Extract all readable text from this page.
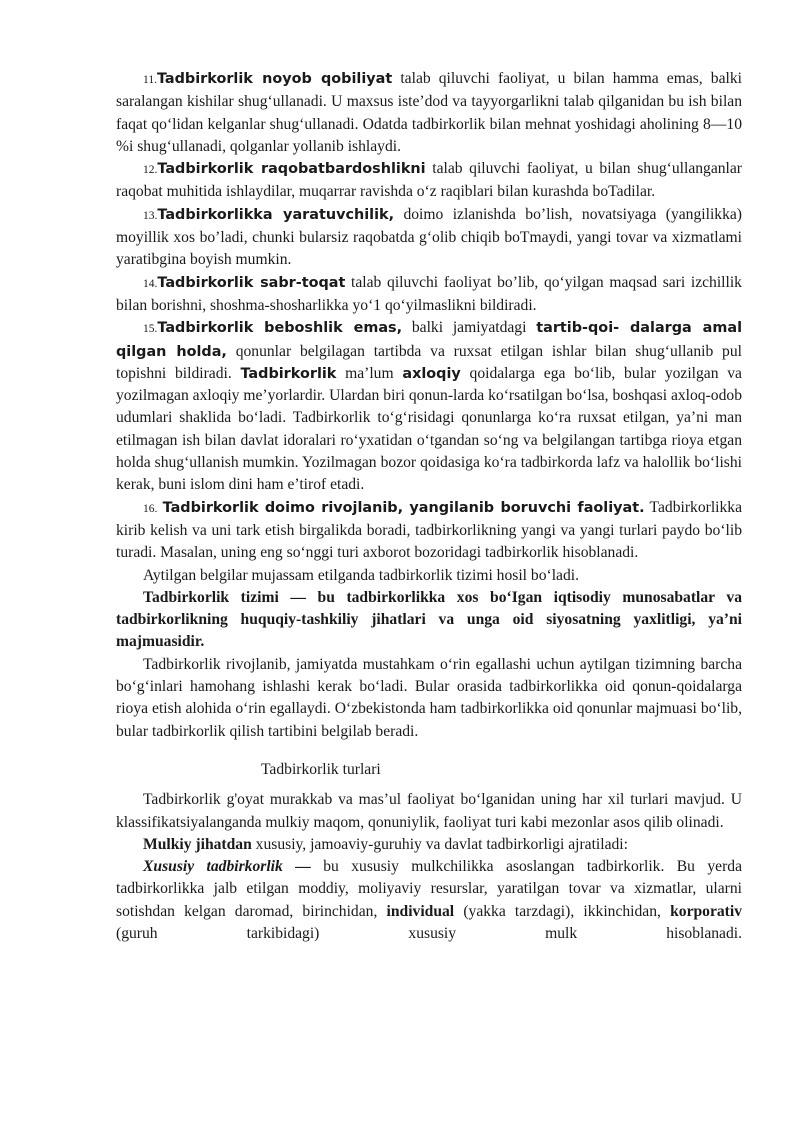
11.Tadbirkorlik noyob qobiliyat talab qiluvchi faoliyat, u bilan hamma emas, balki saralangan kishilar shug‘ullanadi. U maxsus iste’dod va tayyorgarlikni talab qilganidan bu ish bilan faqat qo‘lidan kelganlar shug‘ullanadi. Odatda tadbirkorlik bilan mehnat yoshidagi aholining 8—10 %i shug‘ullanadi, qolganlar yollanib ishlaydi.

12.Tadbirkorlik raqobatbardoshlikni talab qiluvchi faoliyat, u bilan shug‘ullanganlar raqobat muhitida ishlaydilar, muqarrar ravishda o‘z raqiblari bilan kurashda boTadilar.

13.Tadbirkorlikka yaratuvchilik, doimo izlanishda bo’lish, novatsiyaga (yangilikka) moyillik xos bo’ladi, chunki bularsiz raqobatda g‘olib chiqib boTmaydi, yangi tovar va xizmatlami yaratibgina boyish mumkin.

14.Tadbirkorlik sabr-toqat talab qiluvchi faoliyat bo’lib, qo‘yilgan maqsad sari izchillik bilan borishni, shoshma-shosharlikka yo‘1 qo‘yilmaslikni bildiradi.

15.Tadbirkorlik beboshlik emas, balki jamiyatdagi tartib-qoi- dalarga amal qilgan holda, qonunlar belgilagan tartibda va ruxsat etilgan ishlar bilan shug‘ullanib pul topishni bildiradi. Tadbirkorlik ma’lum axloqiy qoidalarga ega bo‘lib, bular yozilgan va yozilmagan axloqiy me’yorlardir. Ulardan biri qonun-larda ko‘rsatilgan bo‘lsa, boshqasi axloq-odob udumlari shaklida bo‘ladi. Tadbirkorlik to‘g‘risidagi qonunlarga ko‘ra ruxsat etilgan, ya’ni man etilmagan ish bilan davlat idoralari ro‘yxatidan o‘tgandan so‘ng va belgilangan tartibga rioya etgan holda shug‘ullanish mumkin. Yozilmagan bozor qoidasiga ko‘ra tadbirkorda lafz va halollik bo‘lishi kerak, buni islom dini ham e’tirof etadi.

16. Tadbirkorlik doimo rivojlanib, yangilanib boruvchi faoliyat. Tadbirkorlikka kirib kelish va uni tark etish birgalikda boradi, tadbirkorlikning yangi va yangi turlari paydo bo‘lib turadi. Masalan, uning eng so‘nggi turi axborot bozoridagi tadbirkorlik hisoblanadi.

Aytilgan belgilar mujassam etilganda tadbirkorlik tizimi hosil bo‘ladi.

Tadbirkorlik tizimi — bu tadbirkorlikka xos bo‘Igan iqtisodiy munosabatlar va tadbirkorlikning huquqiy-tashkiliy jihatlari va unga oid siyosatning yaxlitligi, ya’ni majmuasidir.

Tadbirkorlik rivojlanib, jamiyatda mustahkam o‘rin egallashi uchun aytilgan tizimning barcha bo‘g‘inlari hamohang ishlashi kerak bo‘ladi. Bular orasida tadbirkorlikka oid qonun-qoidalarga rioya etish alohida o‘rin egallaydi. O‘zbekistonda ham tadbirkorlikka oid qonunlar majmuasi bo‘lib, bular tadbirkorlik qilish tartibini belgilab beradi.

Tadbirkorlik turlari

Tadbirkorlik g'oyat murakkab va mas’ul faoliyat bo‘lganidan uning har xil turlari mavjud. U klassifikatsiyalanganda mulkiy maqom, qonuniylik, faoliyat turi kabi mezonlar asos qilib olinadi.

Mulkiy jihatdan xususiy, jamoaviy-guruhiy va davlat tadbirkorligi ajratiladi:

Xususiy tadbirkorlik — bu xususiy mulkchilikka asoslangan tadbirkorlik. Bu yerda tadbirkorlikka jalb etilgan moddiy, moliyaviy resurslar, yaratilgan tovar va xizmatlar, ularni sotishdan kelgan daromad, birinchidan, individual (yakka tarzdagi), ikkinchidan, korporativ (guruh tarkibidagi) xususiy mulk hisoblanadi.
